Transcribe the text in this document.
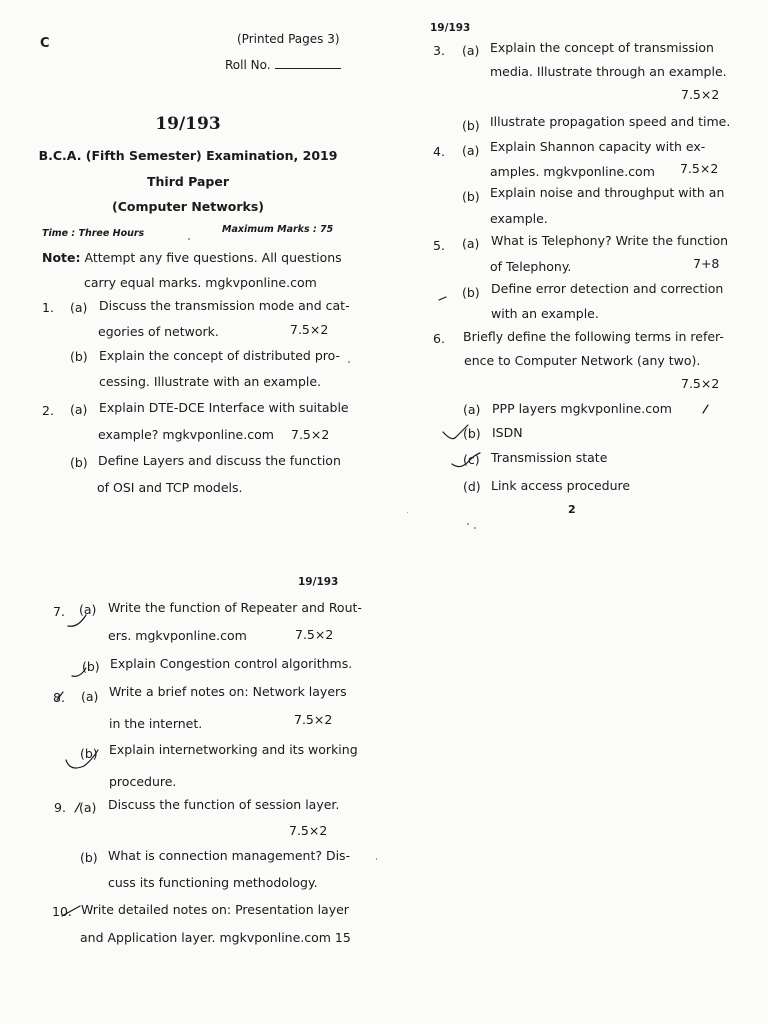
C	(Printed Pages 3)
Roll No.
19/193
B.C.A. (Fifth Semester) Examination, 2019
Third Paper
(Computer Networks)
Time : Three Hours	Maximum Marks : 75
Note: Attempt any five questions. All questions
carry equal marks. mgkvponline.com
1. (a) Discuss the transmission mode and cat-
egories of network.	7.5×2
(b) Explain the concept of distributed pro-
cessing. Illustrate with an example.
2. (a) Explain DTE-DCE Interface with suitable
example? mgkvponline.com 7.5×2
(b) Define Layers and discuss the function
of OSI and TCP models.
19/193
3. (a) Explain the concept of transmission
media. Illustrate through an example.
7.5×2
(b) Illustrate propagation speed and time.
4. (a) Explain Shannon capacity with ex-
amples. mgkvponline.com 7.5×2
(b) Explain noise and throughput with an
example.
5. (a) What is Telephony? Write the function
of Telephony.	7+8
(b) Define error detection and correction
with an example.
6. Briefly define the following terms in refer-
ence to Computer Network (any two).
7.5×2
(a) PPP layers mgkvponline.com
(b) ISDN
(c) Transmission state
(d) Link access procedure
2
19/193
7. (a) Write the function of Repeater and Rout-
ers. mgkvponline.com	7.5×2
(b) Explain Congestion control algorithms.
8. (a) Write a brief notes on: Network layers
in the internet.	7.5×2
(b) Explain internetworking and its working
procedure.
9. (a) Discuss the function of session layer.
7.5×2
(b) What is connection management? Dis-
cuss its functioning methodology.
10. Write detailed notes on: Presentation layer
and Application layer. mgkvponline.com 15
